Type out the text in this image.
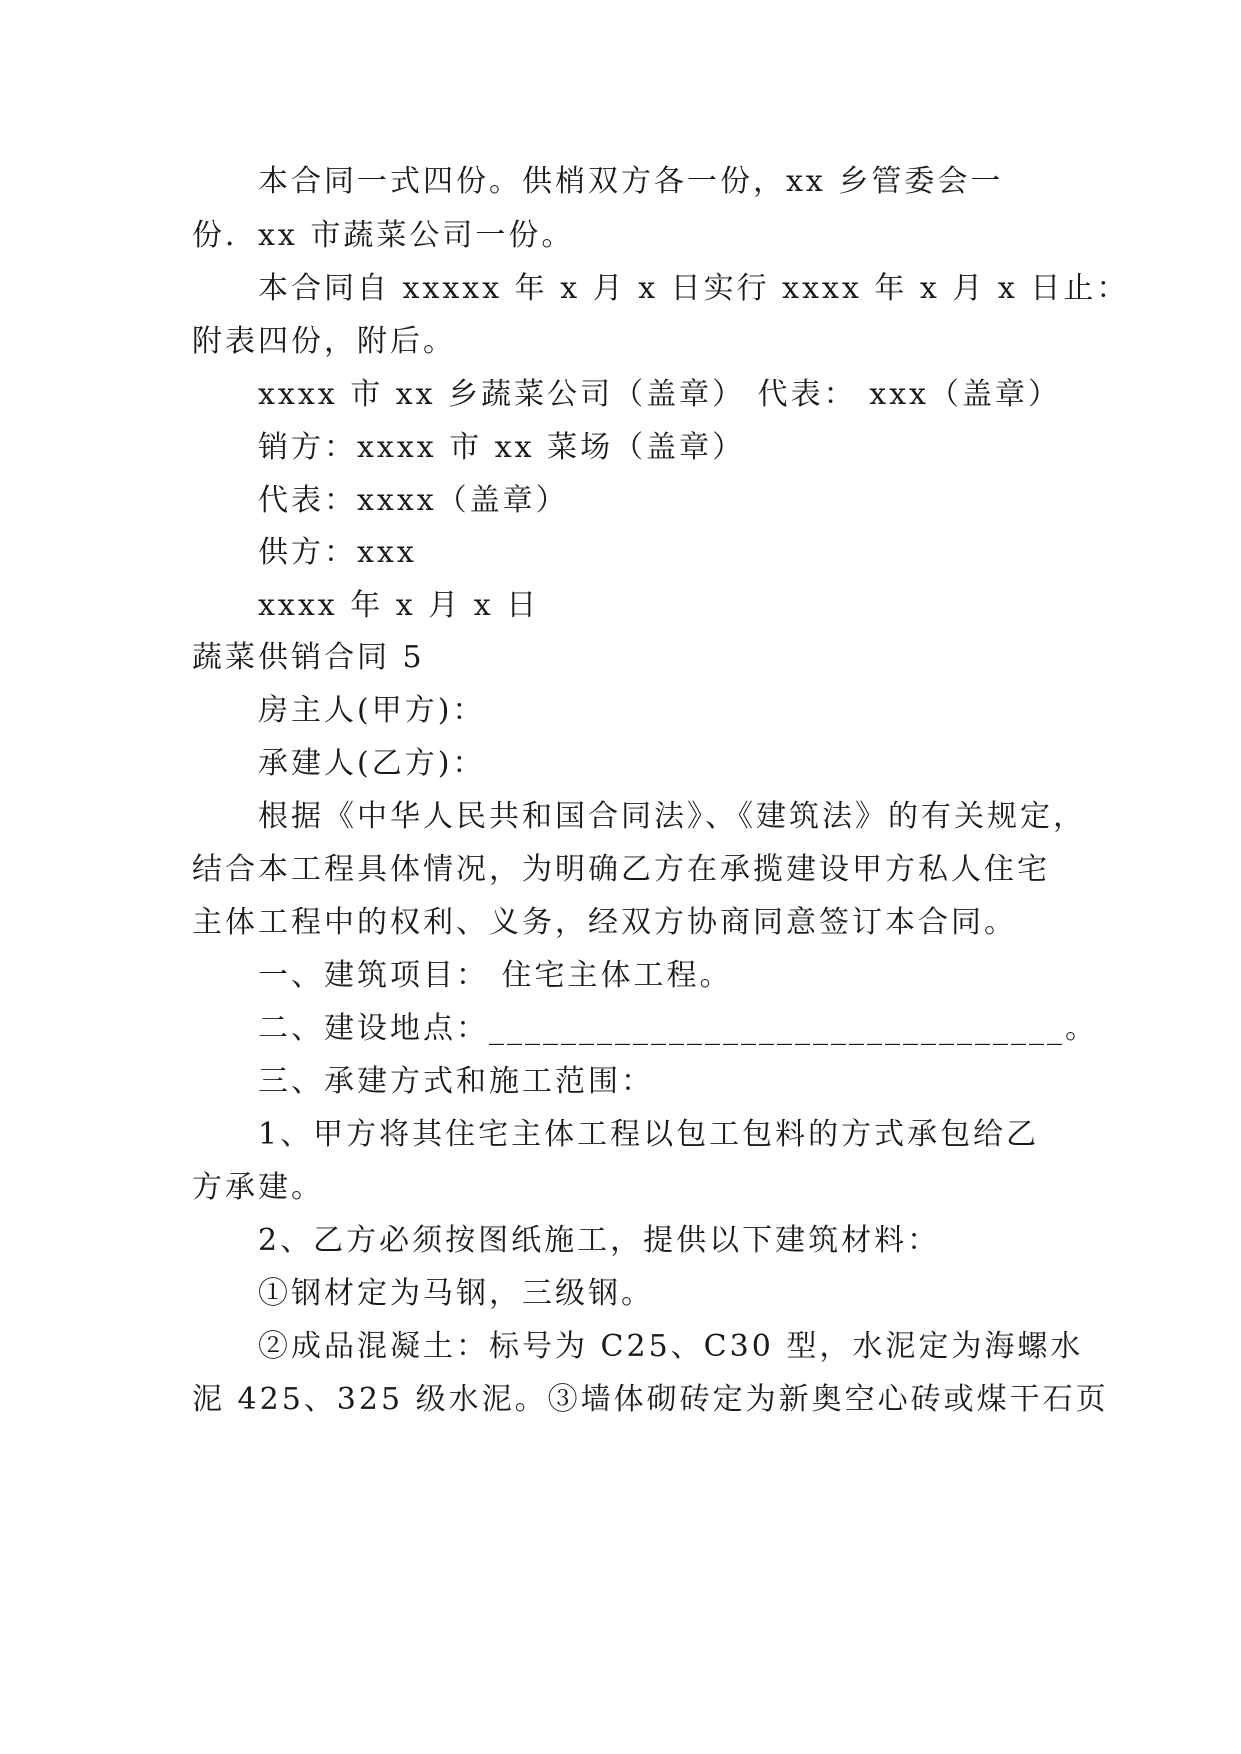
本合同一式四份。供梢双方各一份，xx 乡管委会一
份．xx 市蔬菜公司一份。
本合同自 xxxxx 年 x 月 x 日实行 xxxx 年 x 月 x 日止：
附表四份，附后。
xxxx 市 xx 乡蔬菜公司（盖章） 代表： xxx（盖章）
销方：xxxx 市 xx 菜场（盖章）
代表：xxxx（盖章）
供方：xxx
xxxx 年 x 月 x 日
蔬菜供销合同 5
房主人(甲方)：
承建人(乙方)：
根据《中华人民共和国合同法》、《建筑法》的有关规定，
结合本工程具体情况，为明确乙方在承揽建设甲方私人住宅
主体工程中的权利、义务，经双方协商同意签订本合同。
一、建筑项目： 住宅主体工程。
二、建设地点：________________________________。
三、承建方式和施工范围：
1、甲方将其住宅主体工程以包工包料的方式承包给乙
方承建。
2、乙方必须按图纸施工，提供以下建筑材料：
①钢材定为马钢，三级钢。
②成品混凝土：标号为 C25、C30 型，水泥定为海螺水
泥 425、325 级水泥。③墙体砌砖定为新奥空心砖或煤干石页
